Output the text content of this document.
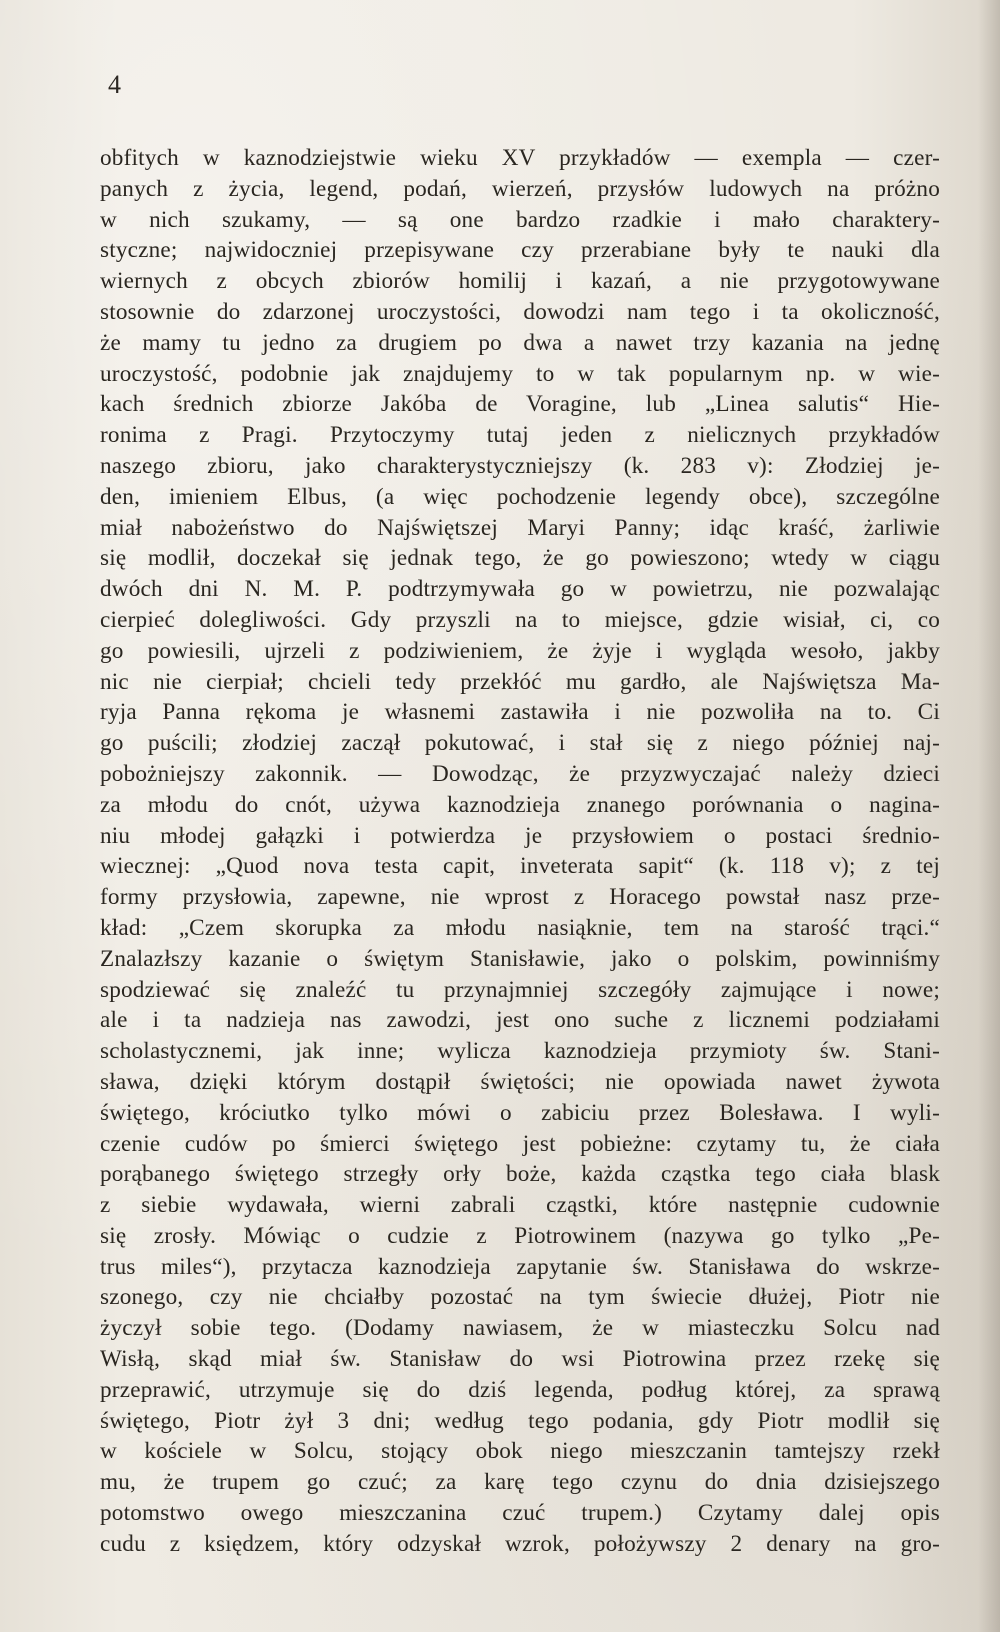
4
obfitych w kaznodziejstwie wieku XV przykładów — exempla — czer-
panych z życia, legend, podań, wierzeń, przysłów ludowych na próżno
w nich szukamy, — są one bardzo rzadkie i mało charaktery-
styczne; najwidoczniej przepisywane czy przerabiane były te nauki dla
wiernych z obcych zbiorów homilij i kazań, a nie przygotowywane
stosownie do zdarzonej uroczystości, dowodzi nam tego i ta okoliczność,
że mamy tu jedno za drugiem po dwa a nawet trzy kazania na jednę
uroczystość, podobnie jak znajdujemy to w tak popularnym np. w wie-
kach średnich zbiorze Jakóba de Voragine, lub „Linea salutis“ Hie-
ronima z Pragi. Przytoczymy tutaj jeden z nielicznych przykładów
naszego zbioru, jako charakterystyczniejszy (k. 283 v): Złodziej je-
den, imieniem Elbus, (a więc pochodzenie legendy obce), szczególne
miał nabożeństwo do Najświętszej Maryi Panny; idąc kraść, żarliwie
się modlił, doczekał się jednak tego, że go powieszono; wtedy w ciągu
dwóch dni N. M. P. podtrzymywała go w powietrzu, nie pozwalając
cierpieć dolegliwości. Gdy przyszli na to miejsce, gdzie wisiał, ci, co
go powiesili, ujrzeli z podziwieniem, że żyje i wygląda wesoło, jakby
nic nie cierpiał; chcieli tedy przekłóć mu gardło, ale Najświętsza Ma-
ryja Panna rękoma je własnemi zastawiła i nie pozwoliła na to. Ci
go puścili; złodziej zaczął pokutować, i stał się z niego później naj-
pobożniejszy zakonnik. — Dowodząc, że przyzwyczajać należy dzieci
za młodu do cnót, używa kaznodzieja znanego porównania o nagina-
niu młodej gałązki i potwierdza je przysłowiem o postaci średnio-
wiecznej: „Quod nova testa capit, inveterata sapit“ (k. 118 v); z tej
formy przysłowia, zapewne, nie wprost z Horacego powstał nasz prze-
kład: „Czem skorupka za młodu nasiąknie, tem na starość trąci.“
Znalazłszy kazanie o świętym Stanisławie, jako o polskim, powinniśmy
spodziewać się znaleźć tu przynajmniej szczegóły zajmujące i nowe;
ale i ta nadzieja nas zawodzi, jest ono suche z licznemi podziałami
scholastycznemi, jak inne; wylicza kaznodzieja przymioty św. Stani-
sława, dzięki którym dostąpił świętości; nie opowiada nawet żywota
świętego, króciutko tylko mówi o zabiciu przez Bolesława. I wyli-
czenie cudów po śmierci świętego jest pobieżne: czytamy tu, że ciała
porąbanego świętego strzegły orły boże, każda cząstka tego ciała blask
z siebie wydawała, wierni zabrali cząstki, które następnie cudownie
się zrosły. Mówiąc o cudzie z Piotrowinem (nazywa go tylko „Pe-
trus miles“), przytacza kaznodzieja zapytanie św. Stanisława do wskrze-
szonego, czy nie chciałby pozostać na tym świecie dłużej, Piotr nie
życzył sobie tego. (Dodamy nawiasem, że w miasteczku Solcu nad
Wisłą, skąd miał św. Stanisław do wsi Piotrowina przez rzekę się
przeprawić, utrzymuje się do dziś legenda, podług której, za sprawą
świętego, Piotr żył 3 dni; według tego podania, gdy Piotr modlił się
w kościele w Solcu, stojący obok niego mieszczanin tamtejszy rzekł
mu, że trupem go czuć; za karę tego czynu do dnia dzisiejszego
potomstwo owego mieszczanina czuć trupem.) Czytamy dalej opis
cudu z księdzem, który odzyskał wzrok, położywszy 2 denary na gro-
